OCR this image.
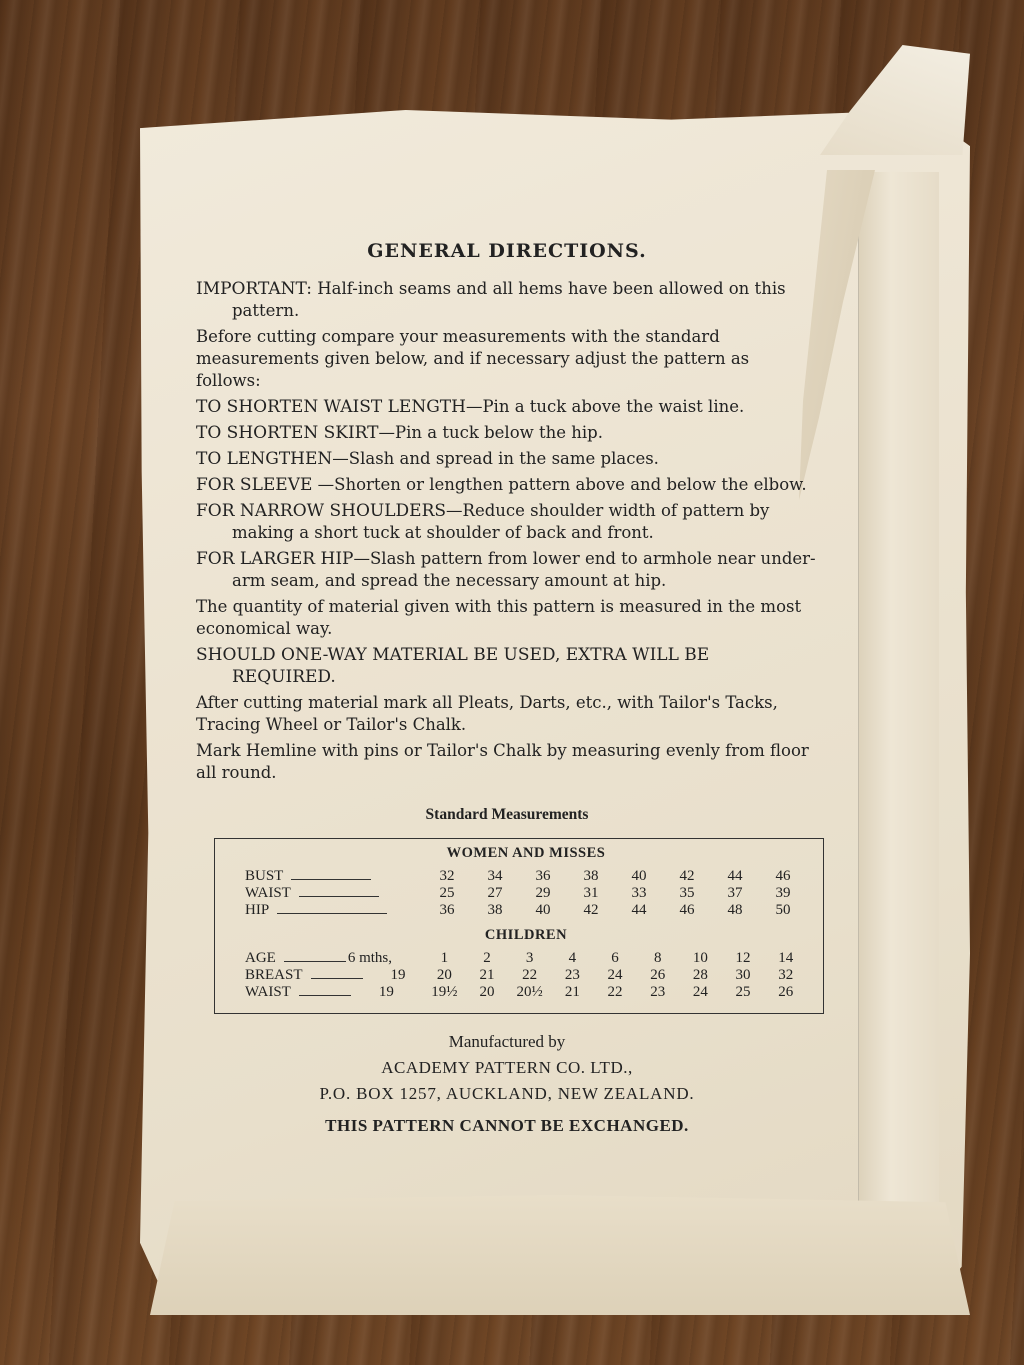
GENERAL DIRECTIONS.
IMPORTANT: Half-inch seams and all hems have been allowed on this pattern.
Before cutting compare your measurements with the standard measurements given below, and if necessary adjust the pattern as follows:
TO SHORTEN WAIST LENGTH—Pin a tuck above the waist line.
TO SHORTEN SKIRT—Pin a tuck below the hip.
TO LENGTHEN—Slash and spread in the same places.
FOR SLEEVE —Shorten or lengthen pattern above and below the elbow.
FOR NARROW SHOULDERS—Reduce shoulder width of pattern by making a short tuck at shoulder of back and front.
FOR LARGER HIP—Slash pattern from lower end to armhole near under-arm seam, and spread the necessary amount at hip.
The quantity of material given with this pattern is measured in the most economical way.
SHOULD ONE-WAY MATERIAL BE USED, EXTRA WILL BE REQUIRED.
After cutting material mark all Pleats, Darts, etc., with Tailor's Tacks, Tracing Wheel or Tailor's Chalk.
Mark Hemline with pins or Tailor's Chalk by measuring evenly from floor all round.
Standard Measurements
WOMEN AND MISSES
BUST	32	34	36	38	40	42	44	46
WAIST	25	27	29	31	33	35	37	39
HIP	36	38	40	42	44	46	48	50
CHILDREN
AGE	6 mths,	1	2	3	4	6	8	10	12	14
BREAST	19	20	21	22	23	24	26	28	30	32
WAIST	19	19½	20	20½	21	22	23	24	25	26
Manufactured by
ACADEMY PATTERN CO. LTD.,
P.O. BOX 1257, AUCKLAND, NEW ZEALAND.
THIS PATTERN CANNOT BE EXCHANGED.
